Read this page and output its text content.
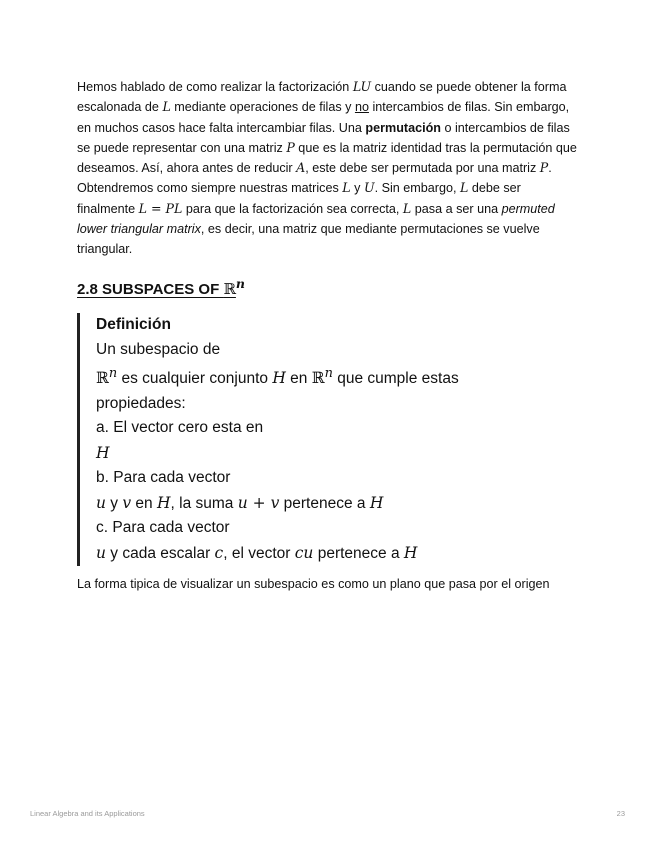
Hemos hablado de como realizar la factorización LU cuando se puede obtener la forma escalonada de L mediante operaciones de filas y no intercambios de filas. Sin embargo, en muchos casos hace falta intercambiar filas. Una permutación o intercambios de filas se puede representar con una matriz P que es la matriz identidad tras la permutación que deseamos. Así, ahora antes de reducir A, este debe ser permutada por una matriz P. Obtendremos como siempre nuestras matrices L y U. Sin embargo, L debe ser finalmente L = PL para que la factorización sea correcta, L pasa a ser una permuted lower triangular matrix, es decir, una matriz que mediante permutaciones se vuelve triangular.

2.8 SUBSPACES OF ℝ$^n$
Definición
Un subespacio de
ℝ$^n$ es cualquier conjunto H en ℝ$^n$ que cumple estas
propiedades:
a. El vector cero esta en
H
b. Para cada vector
u y v en H, la suma u + v pertenece a H
c. Para cada vector
u y cada escalar c, el vector cu pertenece a H

La forma tipica de visualizar un subespacio es como un plano que pasa por el origen

Linear Algebra and its Applications	23
